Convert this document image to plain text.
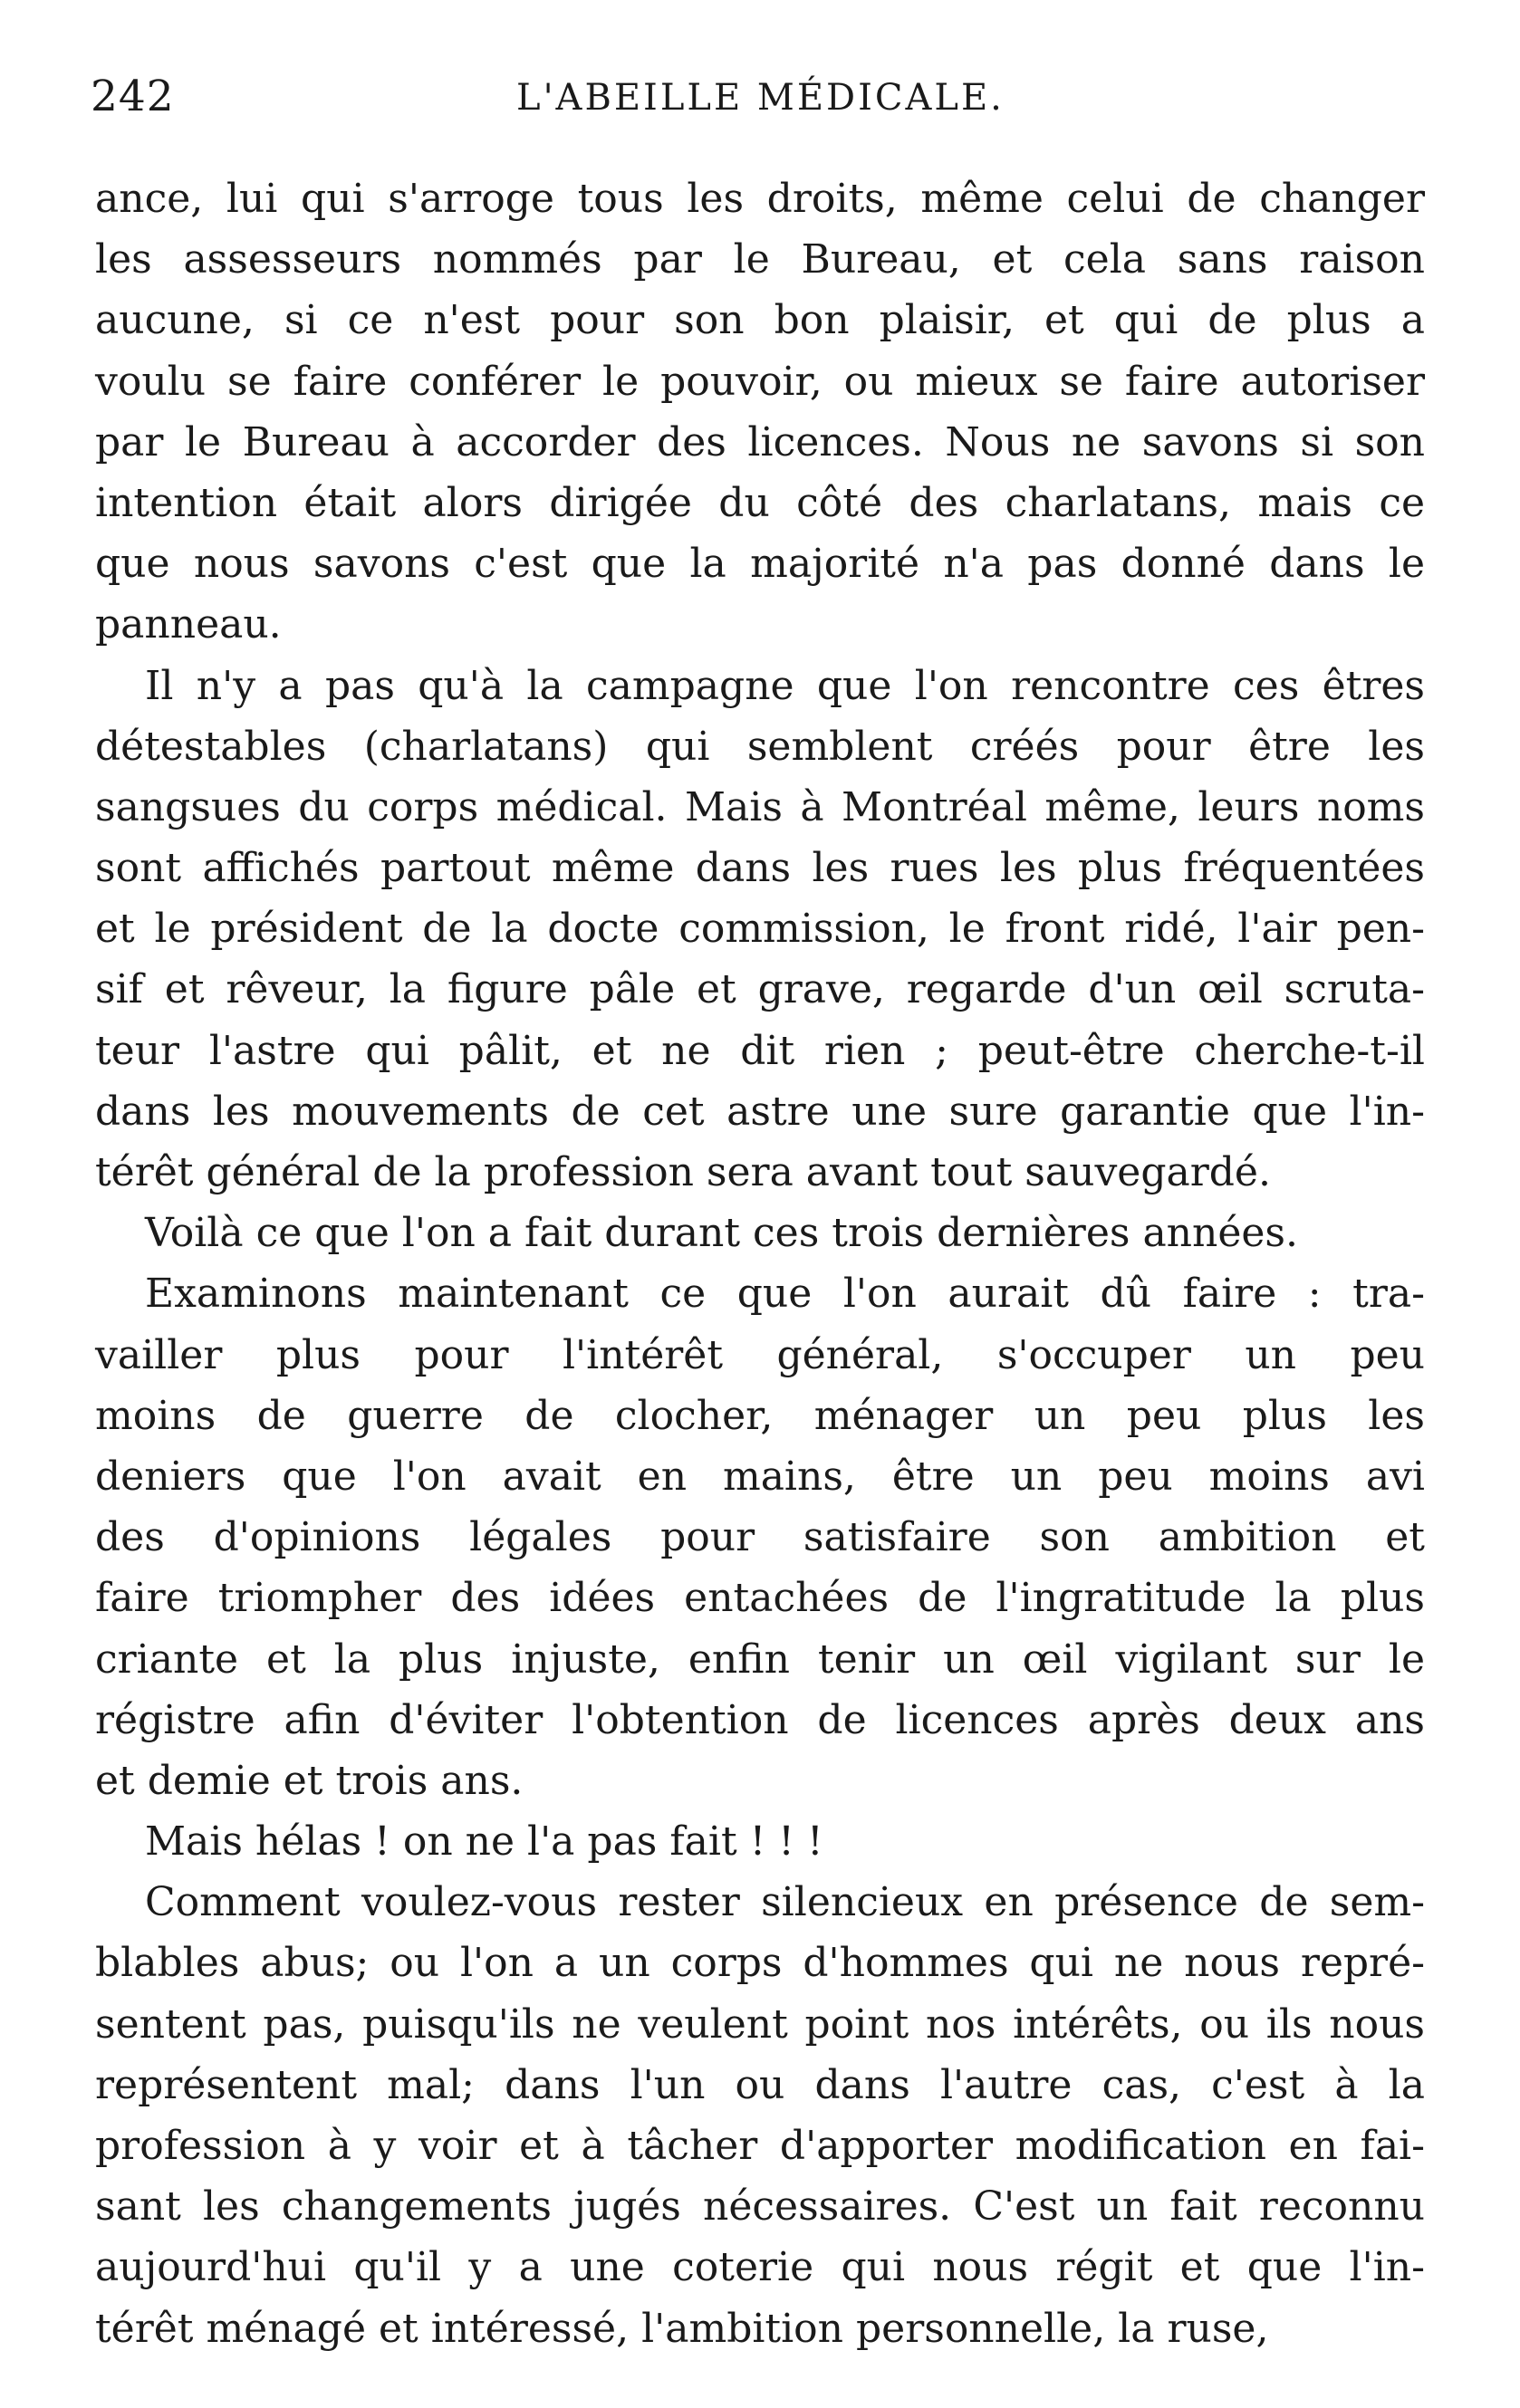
242	L'ABEILLE MÉDICALE.
ance, lui qui s'arroge tous les droits, même celui de changer
les assesseurs nommés par le Bureau, et cela sans raison
aucune, si ce n'est pour son bon plaisir, et qui de plus a
voulu se faire conférer le pouvoir, ou mieux se faire autoriser
par le Bureau à accorder des licences. Nous ne savons si son
intention était alors dirigée du côté des charlatans, mais ce
que nous savons c'est que la majorité n'a pas donné dans le
panneau.
Il n'y a pas qu'à la campagne que l'on rencontre ces êtres
détestables (charlatans) qui semblent créés pour être les
sangsues du corps médical. Mais à Montréal même, leurs noms
sont affichés partout même dans les rues les plus fréquentées
et le président de la docte commission, le front ridé, l'air pen-
sif et rêveur, la figure pâle et grave, regarde d'un œil scruta-
teur l'astre qui pâlit, et ne dit rien ; peut-être cherche-t-il
dans les mouvements de cet astre une sure garantie que l'in-
térêt général de la profession sera avant tout sauvegardé.
Voilà ce que l'on a fait durant ces trois dernières années.
Examinons maintenant ce que l'on aurait dû faire : tra-
vailler plus pour l'intérêt général, s'occuper un peu
moins de guerre de clocher, ménager un peu plus les
deniers que l'on avait en mains, être un peu moins avi
des d'opinions légales pour satisfaire son ambition et
faire triompher des idées entachées de l'ingratitude la plus
criante et la plus injuste, enfin tenir un œil vigilant sur le
régistre afin d'éviter l'obtention de licences après deux ans
et demie et trois ans.
Mais hélas ! on ne l'a pas fait ! ! !
Comment voulez-vous rester silencieux en présence de sem-
blables abus; ou l'on a un corps d'hommes qui ne nous repré-
sentent pas, puisqu'ils ne veulent point nos intérêts, ou ils nous
représentent mal; dans l'un ou dans l'autre cas, c'est à la
profession à y voir et à tâcher d'apporter modification en fai-
sant les changements jugés nécessaires. C'est un fait reconnu
aujourd'hui qu'il y a une coterie qui nous régit et que l'in-
térêt ménagé et intéressé, l'ambition personnelle, la ruse,
